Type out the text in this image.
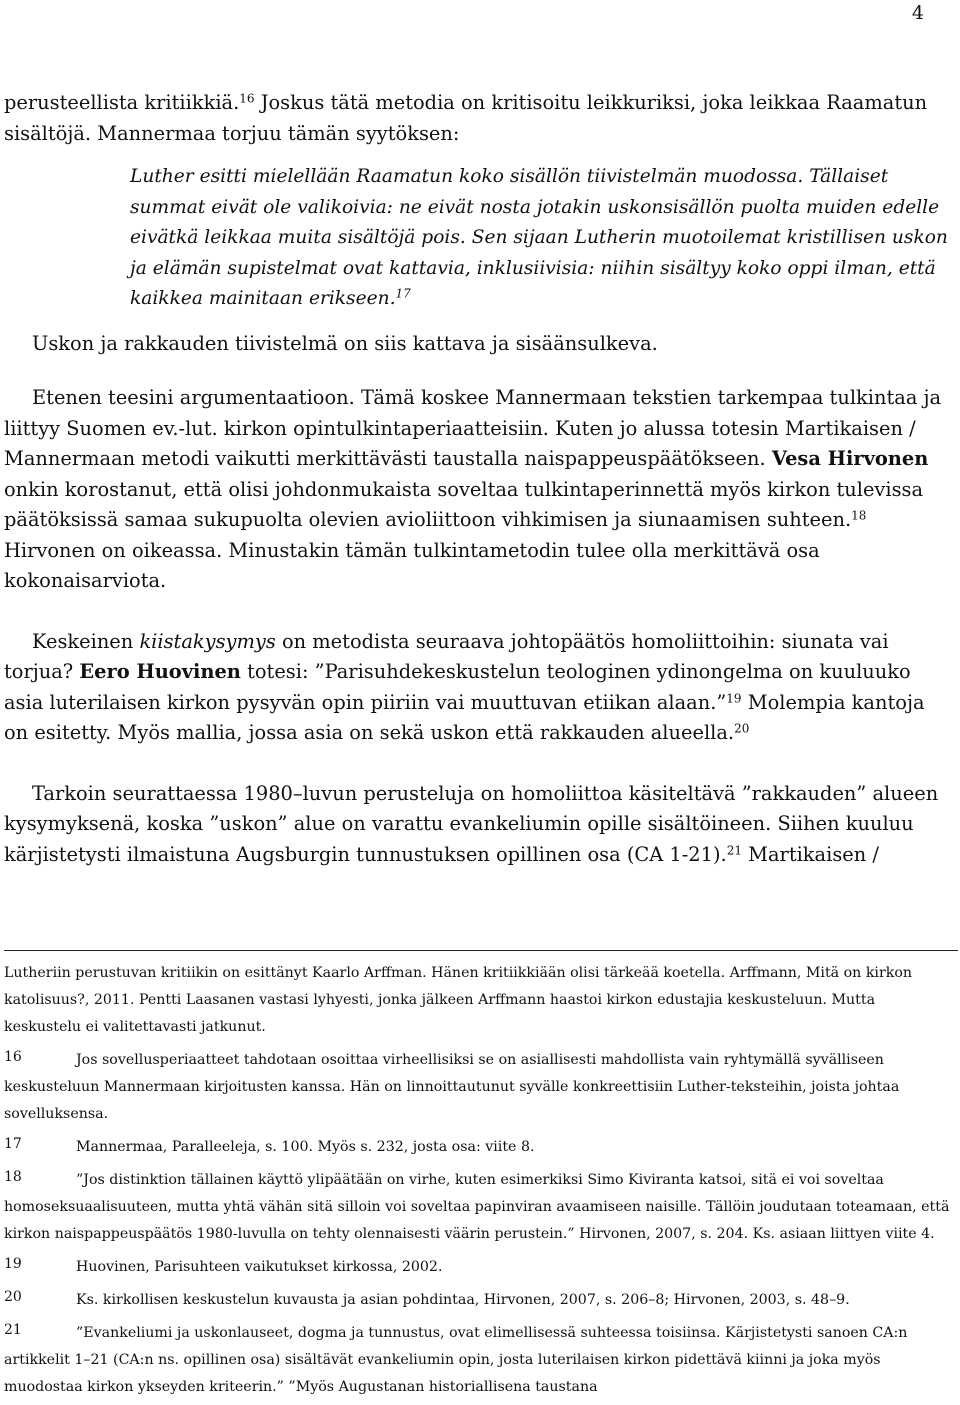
4

perusteellista kritiikkiä.$^{16}$ Joskus tätä metodia on kritisoitu leikkuriksi, joka leikkaa Raamatun sisältöjä. Mannermaa torjuu tämän syytöksen:

Luther esitti mielellään Raamatun koko sisällön tiivistelmän muodossa. Tällaiset summat eivät ole valikoivia: ne eivät nosta jotakin uskonsisällön puolta muiden edelle eivätkä leikkaa muita sisältöjä pois. Sen sijaan Lutherin muotoilemat kristillisen uskon ja elämän supistelmat ovat kattavia, inklusiivisia: niihin sisältyy koko oppi ilman, että kaikkea mainitaan erikseen.$^{17}$

Uskon ja rakkauden tiivistelmä on siis kattava ja sisäänsulkeva.

Etenen teesini argumentaatioon. Tämä koskee Mannermaan tekstien tarkempaa tulkintaa ja liittyy Suomen ev.-lut. kirkon opintulkintaperiaatteisiin. Kuten jo alussa totesin Martikaisen / Mannermaan metodi vaikutti merkittävästi taustalla naispappeuspäätökseen. Vesa Hirvonen onkin korostanut, että olisi johdonmukaista soveltaa tulkintaperinnettä myös kirkon tulevissa päätöksissä samaa sukupuolta olevien avioliittoon vihkimisen ja siunaamisen suhteen.$^{18}$ Hirvonen on oikeassa. Minustakin tämän tulkintametodin tulee olla merkittävä osa kokonaisarviota.

Keskeinen kiistakysymys on metodista seuraava johtopäätös homoliittoihin: siunata vai torjua? Eero Huovinen totesi: ”Parisuhdekeskustelun teologinen ydinongelma on kuuluuko asia luterilaisen kirkon pysyvän opin piiriin vai muuttuvan etiikan alaan.”$^{19}$ Molempia kantoja on esitetty. Myös mallia, jossa asia on sekä uskon että rakkauden alueella.$^{20}$

Tarkoin seurattaessa 1980–luvun perusteluja on homoliittoa käsiteltävä ”rakkauden” alueen kysymyksenä, koska ”uskon” alue on varattu evankeliumin opille sisältöineen. Siihen kuuluu kärjistetysti ilmaistuna Augsburgin tunnustuksen opillinen osa (CA 1-21).$^{21}$ Martikaisen /

Lutheriin perustuvan kritiikin on esittänyt Kaarlo Arffman. Hänen kritiikkiään olisi tärkeää koetella. Arffmann, Mitä on kirkon katolisuus?, 2011. Pentti Laasanen vastasi lyhyesti, jonka jälkeen Arffmann haastoi kirkon edustajia keskusteluun. Mutta keskustelu ei valitettavasti jatkunut.

16	Jos sovellusperiaatteet tahdotaan osoittaa virheellisiksi se on asiallisesti mahdollista vain ryhtymällä syvälliseen keskusteluun Mannermaan kirjoitusten kanssa. Hän on linnoittautunut syvälle konkreettisiin Luther-teksteihin, joista johtaa sovelluksensa.

17	Mannermaa, Paralleeleja, s. 100. Myös s. 232, josta osa: viite 8.

18	”Jos distinktion tällainen käyttö ylipäätään on virhe, kuten esimerkiksi Simo Kiviranta katsoi, sitä ei voi soveltaa homoseksuaalisuuteen, mutta yhtä vähän sitä silloin voi soveltaa papinviran avaamiseen naisille. Tällöin joudutaan toteamaan, että kirkon naispappeuspäätös 1980-luvulla on tehty olennaisesti väärin perustein.” Hirvonen, 2007, s. 204. Ks. asiaan liittyen viite 4.

19	Huovinen, Parisuhteen vaikutukset kirkossa, 2002.

20	Ks. kirkollisen keskustelun kuvausta ja asian pohdintaa, Hirvonen, 2007, s. 206–8; Hirvonen, 2003, s. 48–9.

21	”Evankeliumi ja uskonlauseet, dogma ja tunnustus, ovat elimellisessä suhteessa toisiinsa. Kärjistetysti sanoen CA:n artikkelit 1–21 (CA:n ns. opillinen osa) sisältävät evankeliumin opin, josta luterilaisen kirkon pidettävä kiinni ja joka myös muodostaa kirkon ykseyden kriteerin.” ”Myös Augustanan historiallisena taustana
